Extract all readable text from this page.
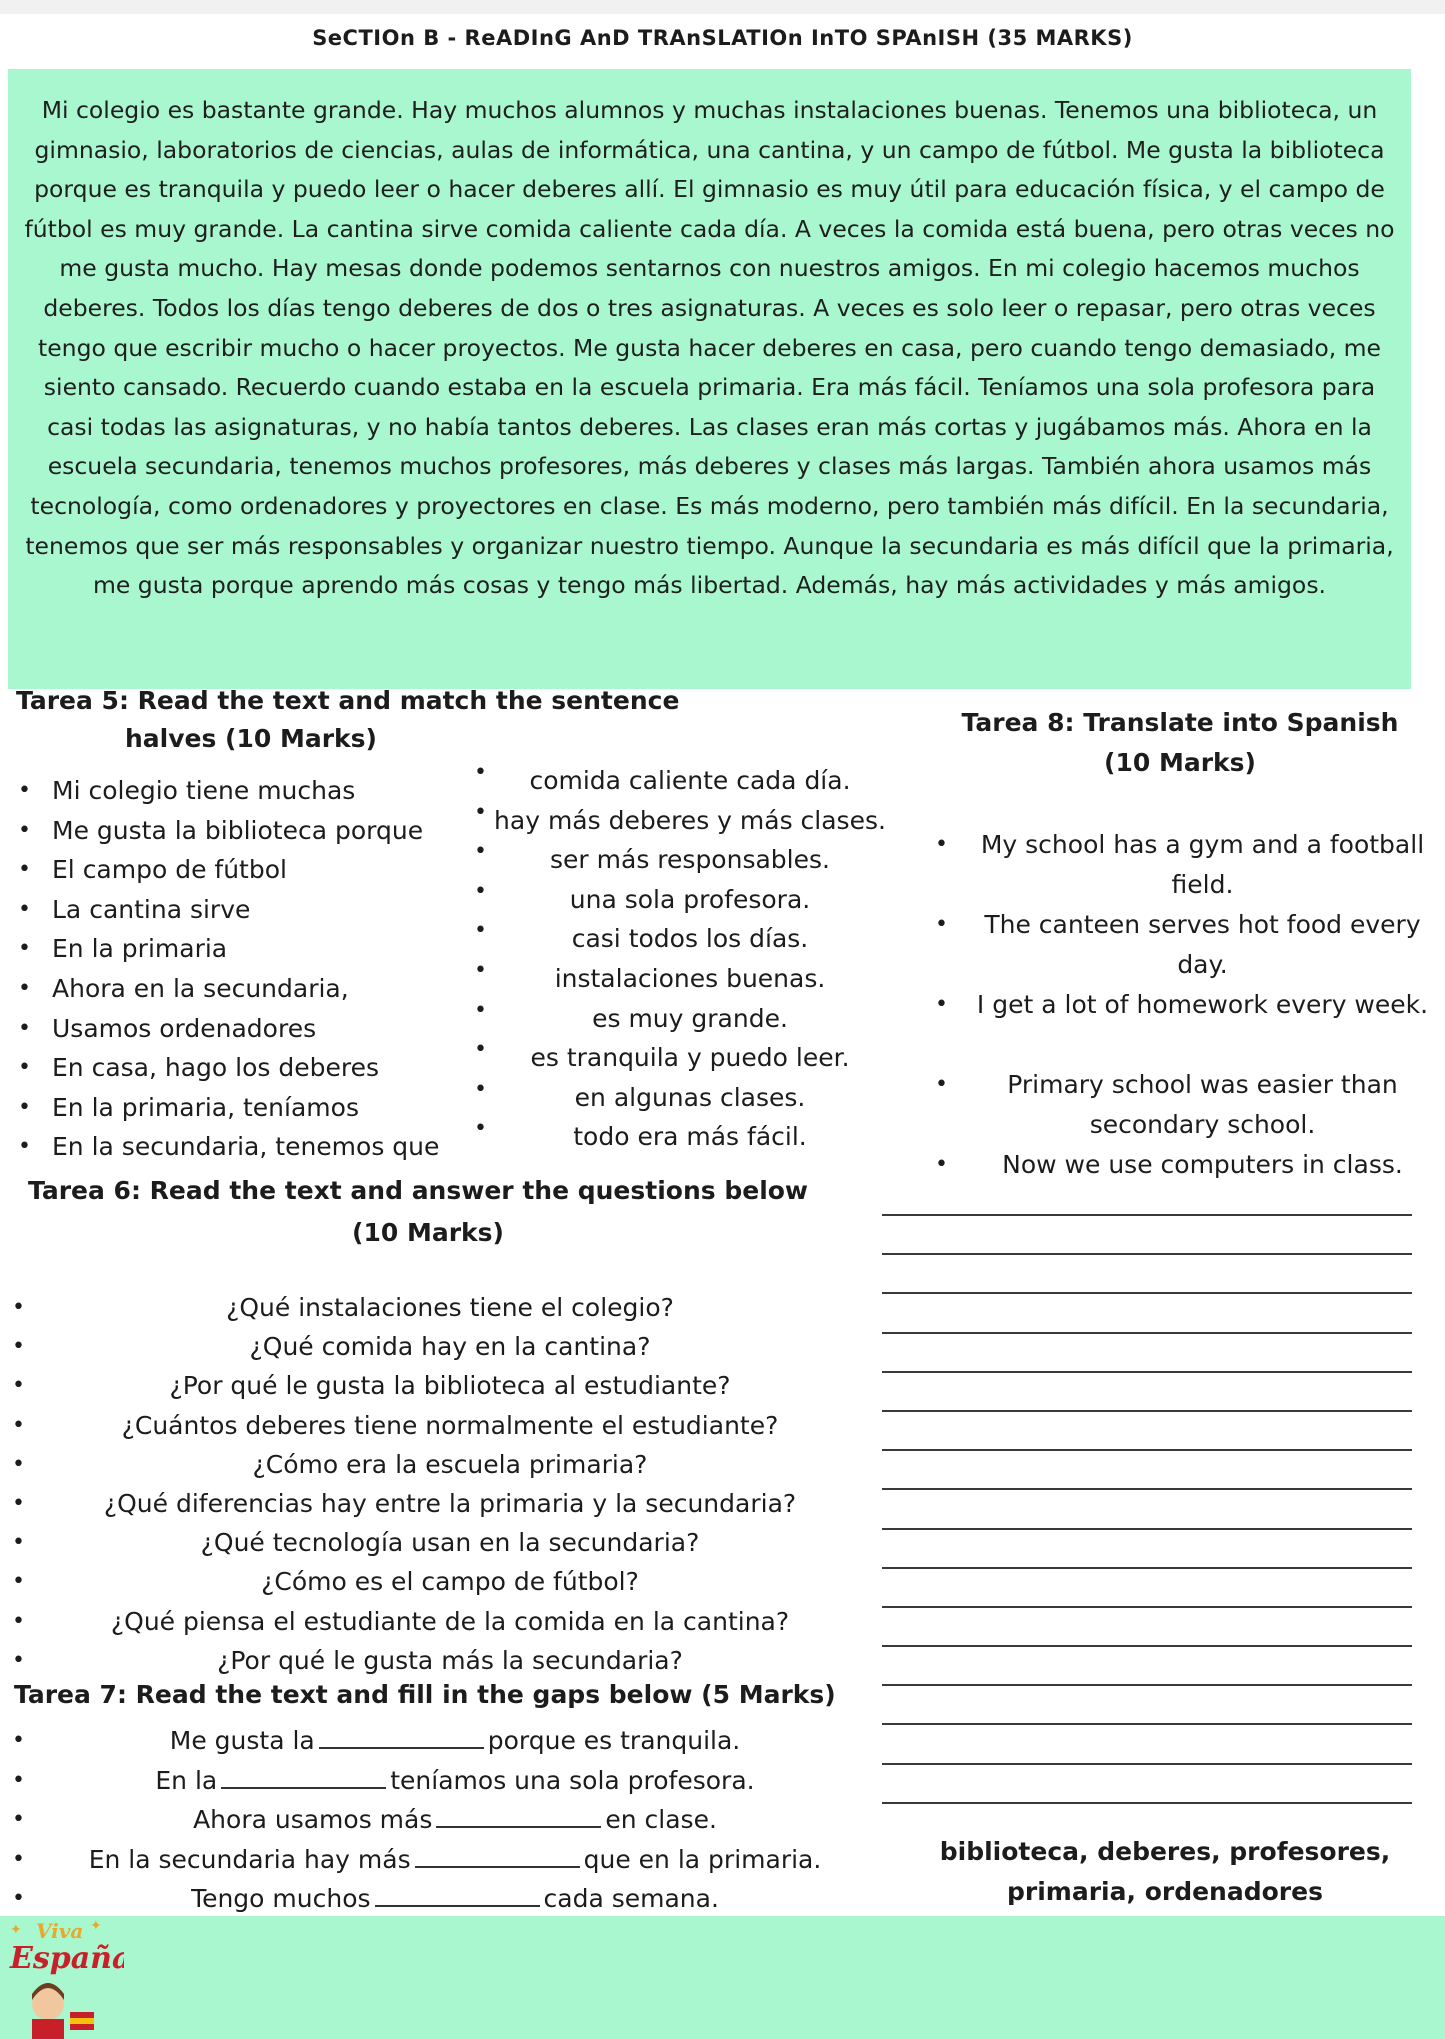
SeCTIOn B - ReADInG AnD TRAnSLATIOn InTO SPAnISH (35 MARKS)

Mi colegio es bastante grande. Hay muchos alumnos y muchas instalaciones buenas. Tenemos una biblioteca, un gimnasio, laboratorios de ciencias, aulas de informática, una cantina, y un campo de fútbol. Me gusta la biblioteca porque es tranquila y puedo leer o hacer deberes allí. El gimnasio es muy útil para educación física, y el campo de fútbol es muy grande. La cantina sirve comida caliente cada día. A veces la comida está buena, pero otras veces no me gusta mucho. Hay mesas donde podemos sentarnos con nuestros amigos. En mi colegio hacemos muchos deberes. Todos los días tengo deberes de dos o tres asignaturas. A veces es solo leer o repasar, pero otras veces tengo que escribir mucho o hacer proyectos. Me gusta hacer deberes en casa, pero cuando tengo demasiado, me siento cansado. Recuerdo cuando estaba en la escuela primaria. Era más fácil. Teníamos una sola profesora para casi todas las asignaturas, y no había tantos deberes. Las clases eran más cortas y jugábamos más. Ahora en la escuela secundaria, tenemos muchos profesores, más deberes y clases más largas. También ahora usamos más tecnología, como ordenadores y proyectores en clase. Es más moderno, pero también más difícil. En la secundaria, tenemos que ser más responsables y organizar nuestro tiempo. Aunque la secundaria es más difícil que la primaria, me gusta porque aprendo más cosas y tengo más libertad. Además, hay más actividades y más amigos.

Tarea 5: Read the text and match the sentence
halves (10 Marks)
• Mi colegio tiene muchas
• Me gusta la biblioteca porque
• El campo de fútbol
• La cantina sirve
• En la primaria
• Ahora en la secundaria,
• Usamos ordenadores
• En casa, hago los deberes
• En la primaria, teníamos
• En la secundaria, tenemos que
• comida caliente cada día.
• hay más deberes y más clases.
• ser más responsables.
• una sola profesora.
• casi todos los días.
• instalaciones buenas.
• es muy grande.
• es tranquila y puedo leer.
• en algunas clases.
• todo era más fácil.
Tarea 8: Translate into Spanish
(10 Marks)
• My school has a gym and a football field.
• The canteen serves hot food every day.
• I get a lot of homework every week.
• Primary school was easier than secondary school.
• Now we use computers in class.
Tarea 6: Read the text and answer the questions below
(10 Marks)
• ¿Qué instalaciones tiene el colegio?
• ¿Qué comida hay en la cantina?
• ¿Por qué le gusta la biblioteca al estudiante?
• ¿Cuántos deberes tiene normalmente el estudiante?
• ¿Cómo era la escuela primaria?
• ¿Qué diferencias hay entre la primaria y la secundaria?
• ¿Qué tecnología usan en la secundaria?
• ¿Cómo es el campo de fútbol?
• ¿Qué piensa el estudiante de la comida en la cantina?
• ¿Por qué le gusta más la secundaria?
Tarea 7: Read the text and fill in the gaps below (5 Marks)
• Me gusta la	porque es tranquila.
• En la	teníamos una sola profesora.
• Ahora usamos más	en clase.
• En la secundaria hay más	que en la primaria.
• Tengo muchos	cada semana.
biblioteca, deberes, profesores,
primaria, ordenadores
Viva
España
✦
✦
